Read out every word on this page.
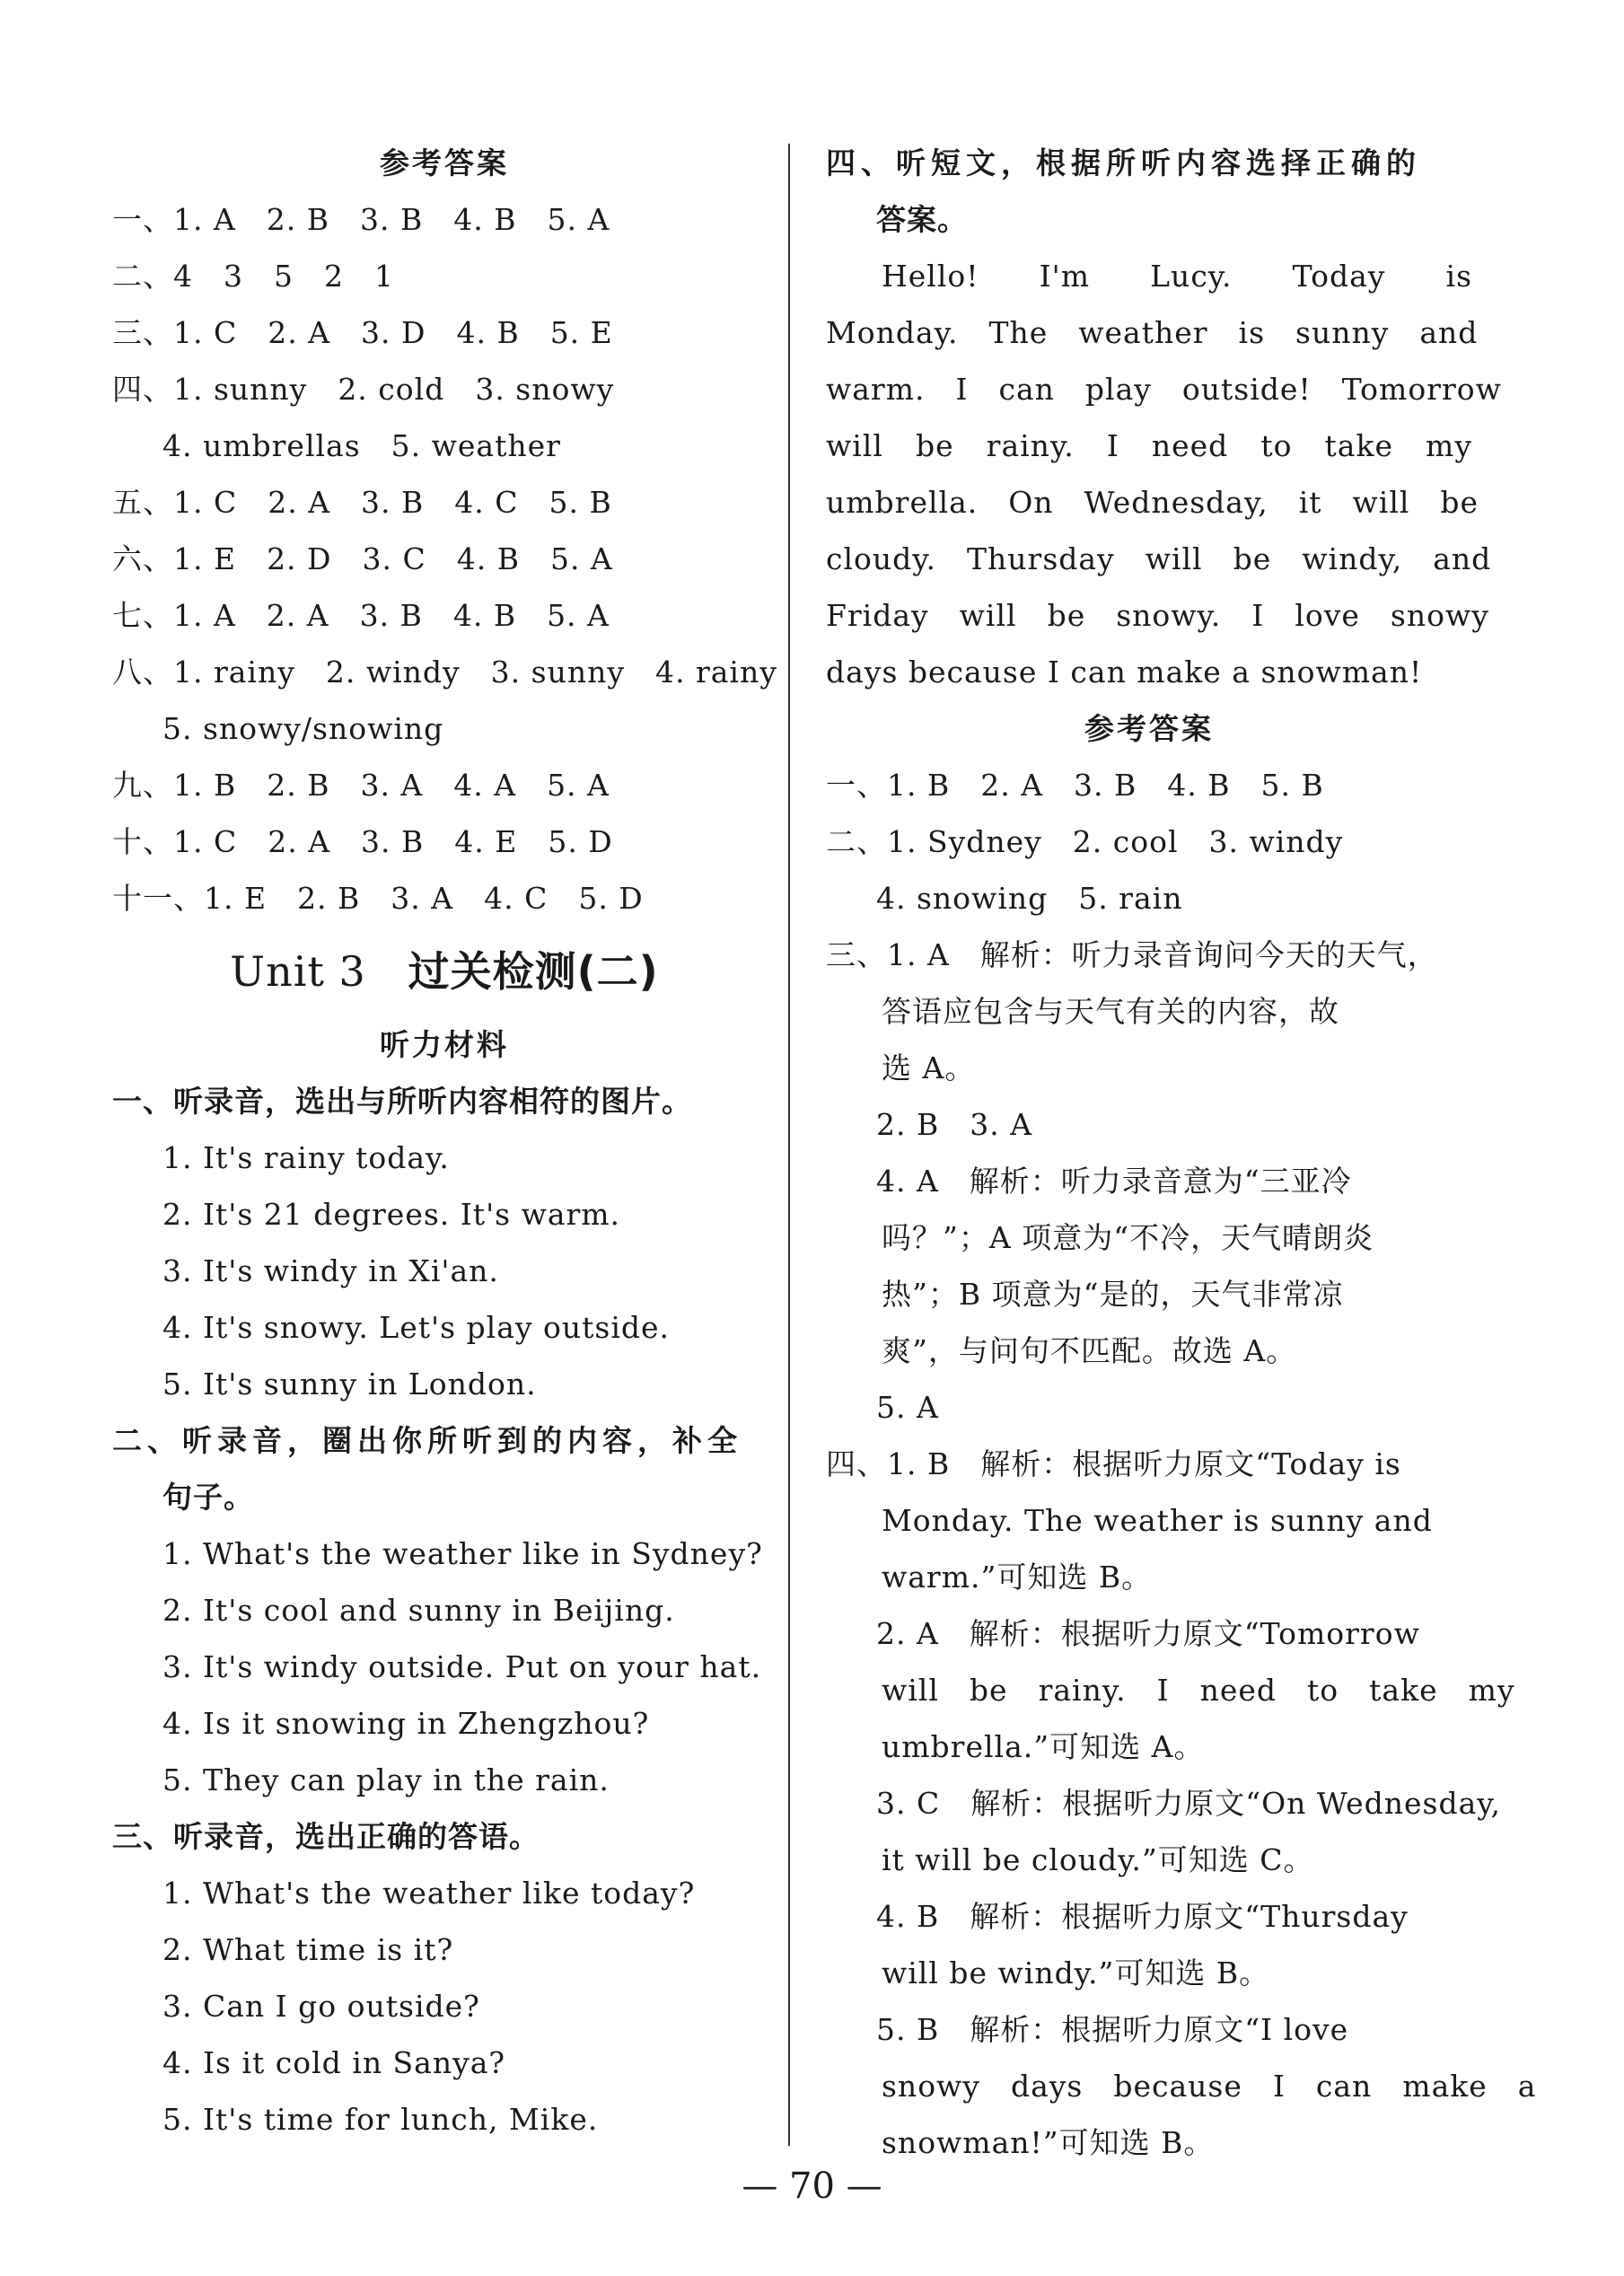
参考答案
一、1. A　2. B　3. B　4. B　5. A
二、4　3　5　2　1
三、1. C　2. A　3. D　4. B　5. E
四、1. sunny　2. cold　3. snowy
4. umbrellas　5. weather
五、1. C　2. A　3. B　4. C　5. B
六、1. E　2. D　3. C　4. B　5. A
七、1. A　2. A　3. B　4. B　5. A
八、1. rainy　2. windy　3. sunny　4. rainy
5. snowy/snowing
九、1. B　2. B　3. A　4. A　5. A
十、1. C　2. A　3. B　4. E　5. D
十一、1. E　2. B　3. A　4. C　5. D
Unit 3 过关检测(二)
听力材料
一、听录音，选出与所听内容相符的图片。
1. It's rainy today.
2. It's 21 degrees. It's warm.
3. It's windy in Xi'an.
4. It's snowy. Let's play outside.
5. It's sunny in London.
二、听录音，圈出你所听到的内容，补全
句子。
1. What's the weather like in Sydney?
2. It's cool and sunny in Beijing.
3. It's windy outside. Put on your hat.
4. Is it snowing in Zhengzhou?
5. They can play in the rain.
三、听录音，选出正确的答语。
1. What's the weather like today?
2. What time is it?
3. Can I go outside?
4. Is it cold in Sanya?
5. It's time for lunch, Mike.
四、听短文，根据所听内容选择正确的
答案。
Hello!　I'm　Lucy.　Today　is
Monday.　The　weather　is　sunny　and
warm.　I　can　play　outside!　Tomorrow
will　be　rainy.　I　need　to　take　my
umbrella.　On　Wednesday,　it　will　be
cloudy.　Thursday　will　be　windy,　and
Friday　will　be　snowy.　I　love　snowy
days because I can make a snowman!
参考答案
一、1. B　2. A　3. B　4. B　5. B
二、1. Sydney　2. cool　3. windy
4. snowing　5. rain
三、1. A　解析：听力录音询问今天的天气，
答语应包含与天气有关的内容，故
选 A。
2. B　3. A
4. A　解析：听力录音意为“三亚冷
吗？”；A 项意为“不冷，天气晴朗炎
热”；B 项意为“是的，天气非常凉
爽”，与问句不匹配。故选 A。
5. A
四、1. B　解析：根据听力原文“Today is
Monday. The weather is sunny and
warm.”可知选 B。
2. A　解析：根据听力原文“Tomorrow
will　be　rainy.　I　need　to　take　my
umbrella.”可知选 A。
3. C　解析：根据听力原文“On Wednesday,
it will be cloudy.”可知选 C。
4. B　解析：根据听力原文“Thursday
will be windy.”可知选 B。
5. B　解析：根据听力原文“I love
snowy　days　because　I　can　make　a
snowman!”可知选 B。
— 70 —
